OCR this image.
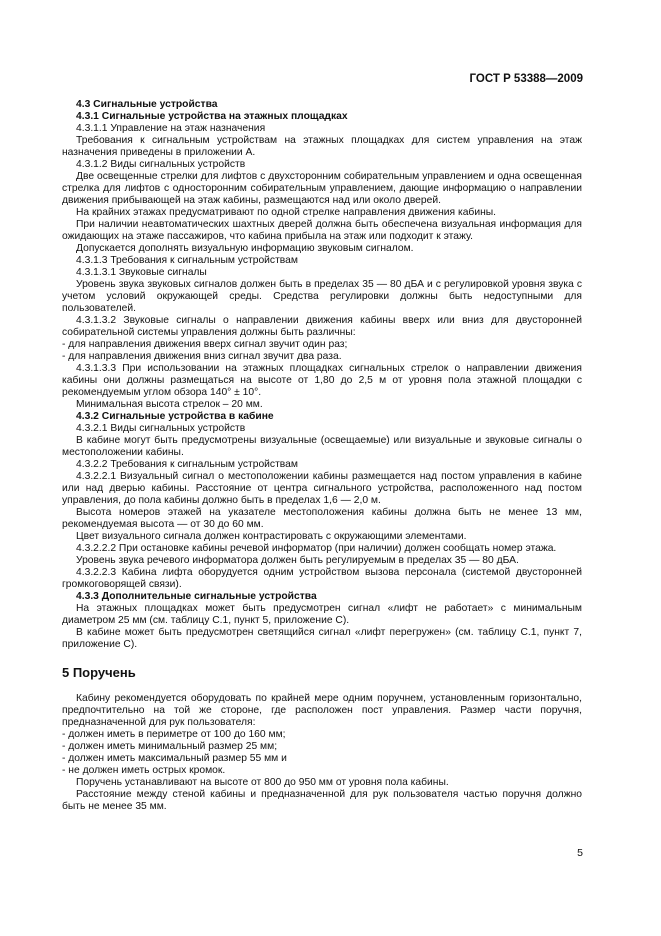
ГОСТ Р 53388—2009

4.3 Сигнальные устройства

4.3.1 Сигнальные устройства на этажных площадках

4.3.1.1 Управление на этаж назначения

Требования к сигнальным устройствам на этажных площадках для систем управления на этаж назначения приведены в приложении А.

4.3.1.2 Виды сигнальных устройств

Две освещенные стрелки для лифтов с двухсторонним собирательным управлением и одна освещенная стрелка для лифтов с односторонним собирательным управлением, дающие информацию о направлении движения прибывающей на этаж кабины, размещаются над или около дверей.

На крайних этажах предусматривают по одной стрелке направления движения кабины.

При наличии неавтоматических шахтных дверей должна быть обеспечена визуальная информация для ожидающих на этаже пассажиров, что кабина прибыла на этаж или подходит к этажу.

Допускается дополнять визуальную информацию звуковым сигналом.

4.3.1.3 Требования к сигнальным устройствам

4.3.1.3.1 Звуковые сигналы

Уровень звука звуковых сигналов должен быть в пределах 35 — 80 дБА и с регулировкой уровня звука с учетом условий окружающей среды. Средства регулировки должны быть недоступными для пользователей.

4.3.1.3.2 Звуковые сигналы о направлении движения кабины вверх или вниз для двусторонней собирательной системы управления должны быть различны:

- для направления движения вверх сигнал звучит один раз;

- для направления движения вниз сигнал звучит два раза.

4.3.1.3.3 При использовании на этажных площадках сигнальных стрелок о направлении движения кабины они должны размещаться на высоте от 1,80 до 2,5 м от уровня пола этажной площадки с рекомендуемым углом обзора 140° ± 10°.

Минимальная высота стрелок – 20 мм.

4.3.2 Сигнальные устройства в кабине

4.3.2.1 Виды сигнальных устройств

В кабине могут быть предусмотрены визуальные (освещаемые) или визуальные и звуковые сигналы о местоположении кабины.

4.3.2.2 Требования к сигнальным устройствам

4.3.2.2.1 Визуальный сигнал о местоположении кабины размещается над постом управления в кабине или над дверью кабины. Расстояние от центра сигнального устройства, расположенного над постом управления, до пола кабины должно быть в пределах 1,6 — 2,0 м.

Высота номеров этажей на указателе местоположения кабины должна быть не менее 13 мм, рекомендуемая высота — от 30 до 60 мм.

Цвет визуального сигнала должен контрастировать с окружающими элементами.

4.3.2.2.2 При остановке кабины речевой информатор (при наличии) должен сообщать номер этажа.

Уровень звука речевого информатора должен быть регулируемым в пределах 35 — 80 дБА.

4.3.2.2.3 Кабина лифта оборудуется одним устройством вызова персонала (системой двусторонней громкоговорящей связи).

4.3.3 Дополнительные сигнальные устройства

На этажных площадках может быть предусмотрен сигнал «лифт не работает» с минимальным диаметром 25 мм (см. таблицу С.1, пункт 5, приложение С).

В кабине может быть предусмотрен светящийся сигнал «лифт перегружен» (см. таблицу С.1, пункт 7, приложение С).

5 Поручень

Кабину рекомендуется оборудовать по крайней мере одним поручнем, установленным горизонтально, предпочтительно на той же стороне, где расположен пост управления. Размер части поручня, предназначенной для рук пользователя:

- должен иметь в периметре от 100 до 160 мм;

- должен иметь минимальный размер 25 мм;

- должен иметь максимальный размер 55 мм и

- не должен иметь острых кромок.

Поручень устанавливают на высоте от 800 до 950 мм от уровня пола кабины.

Расстояние между стеной кабины и предназначенной для рук пользователя частью поручня должно быть не менее 35 мм.

5
